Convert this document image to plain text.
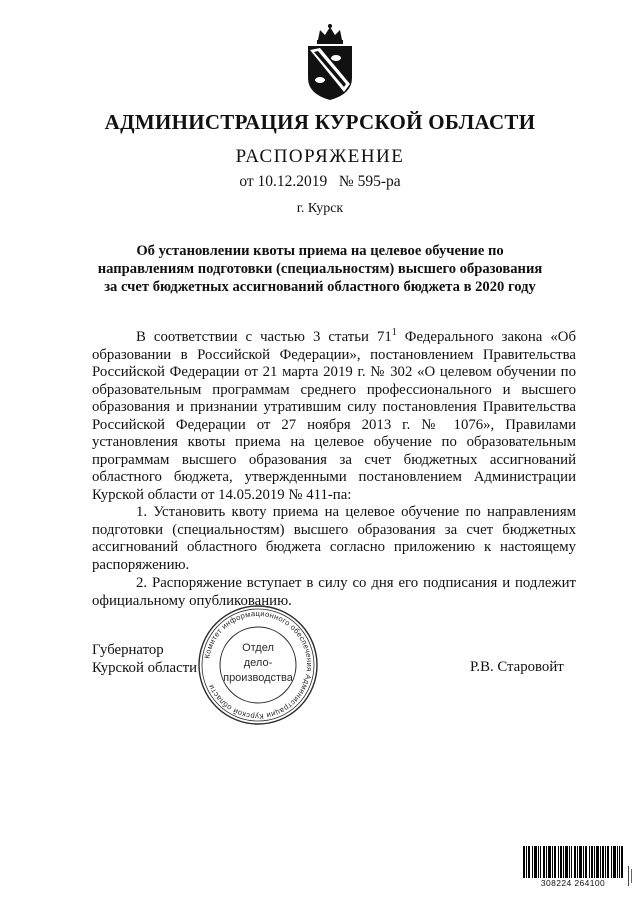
АДМИНИСТРАЦИЯ КУРСКОЙ ОБЛАСТИ
РАСПОРЯЖЕНИЕ
от 10.12.2019   № 595-ра
г. Курск
Об установлении квоты приема на целевое обучение по
направлениям подготовки (специальностям) высшего образования
за счет бюджетных ассигнований областного бюджета в 2020 году
В соответствии с частью 3 статьи $71^1$ Федерального закона «Об
образовании в Российской Федерации», постановлением Правительства
Российской Федерации от 21 марта 2019 г. № 302 «О целевом обучении по
образовательным программам среднего профессионального и высшего
образования и признании утратившим силу постановления Правительства
Российской Федерации от 27 ноября 2013 г. № 1076», Правилами
установления квоты приема на целевое обучение по образовательным
программам высшего образования за счет бюджетных ассигнований
областного бюджета, утвержденными постановлением Администрации
Курской области от 14.05.2019 № 411-па:
1. Установить квоту приема на целевое обучение по направлениям
подготовки (специальностям) высшего образования за счет бюджетных
ассигнований областного бюджета согласно приложению к настоящему
распоряжению.
2. Распоряжение вступает в силу со дня его подписания и подлежит
официальному опубликованию.
Губернатор
Курской области	Р.В. Старовойт
Комитет информационного обеспечения Администрации Курской области
Отдел
дело-
производства
308224 264100
